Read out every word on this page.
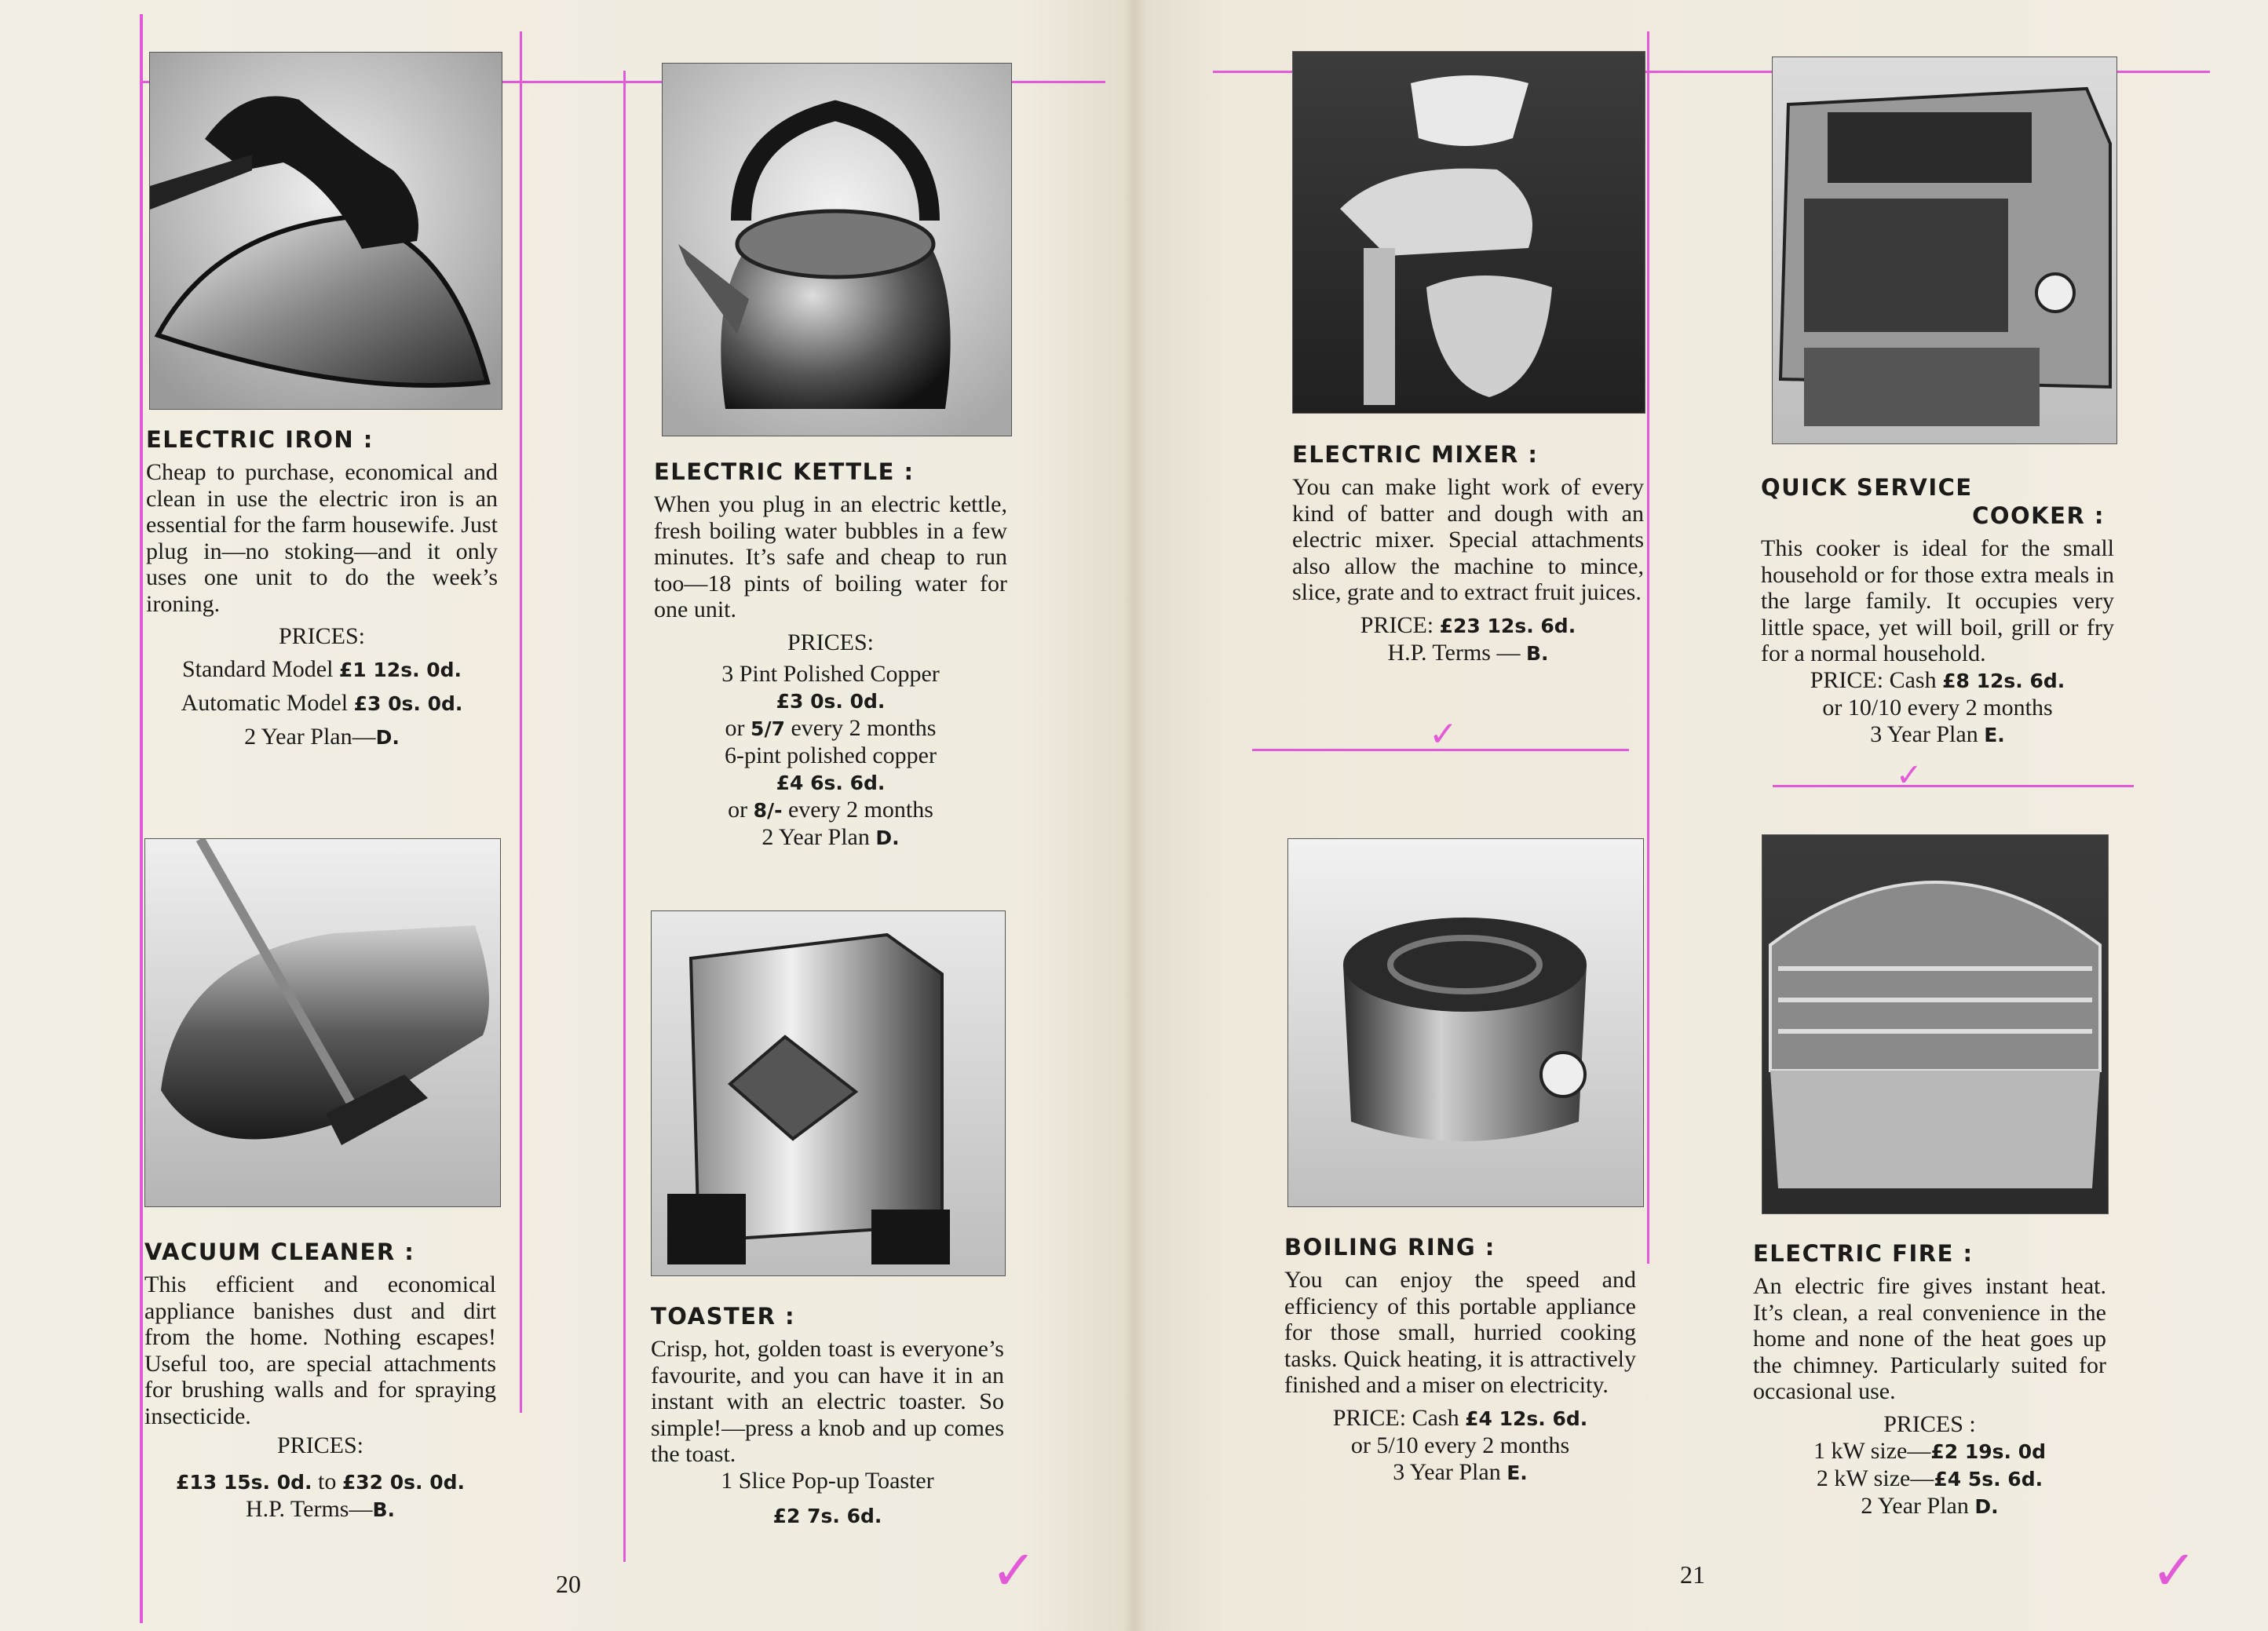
✓
✓
✓	✓
ELECTRIC IRON :

Cheap to purchase, economical and clean in use the electric iron is an essential for the farm housewife. Just plug in—no stoking—and it only uses one unit to do the week’s ironing.

PRICES:

Standard Model £1 12s. 0d.

Automatic Model £3 0s. 0d.

2 Year Plan—D.

ELECTRIC KETTLE :

When you plug in an electric kettle, fresh boiling water bubbles in a few minutes. It’s safe and cheap to run too—18 pints of boiling water for one unit.

PRICES:

3 Pint Polished Copper

£3 0s. 0d.

or 5/7 every 2 months

6-pint polished copper

£4 6s. 6d.

or 8/- every 2 months

2 Year Plan D.

VACUUM CLEANER :

This efficient and economical appliance banishes dust and dirt from the home. Nothing escapes! Useful too, are special attachments for brushing walls and for spraying insecticide.

PRICES:

£13 15s. 0d. to £32 0s. 0d.

H.P. Terms—B.

TOASTER :

Crisp, hot, golden toast is everyone’s favourite, and you can have it in an instant with an electric toaster. So simple!—press a knob and up comes the toast.

1 Slice Pop-up Toaster

£2 7s. 6d.

20
ELECTRIC MIXER :

You can make light work of every kind of batter and dough with an electric mixer. Special attachments also allow the machine to mince, slice, grate and to extract fruit juices.

PRICE: £23 12s. 6d.

H.P. Terms — B.

QUICK SERVICE
COOKER :

This cooker is ideal for the small household or for those extra meals in the large family. It occupies very little space, yet will boil, grill or fry for a normal household.

PRICE: Cash £8 12s. 6d.

or 10/10 every 2 months

3 Year Plan E.

BOILING RING :

You can enjoy the speed and efficiency of this portable appliance for those small, hurried cooking tasks. Quick heating, it is attractively finished and a miser on electricity.

PRICE: Cash £4 12s. 6d.

or 5/10 every 2 months

3 Year Plan E.

ELECTRIC FIRE :

An electric fire gives instant heat. It’s clean, a real convenience in the home and none of the heat goes up the chimney. Particularly suited for occasional use.

PRICES :

1 kW size—£2 19s. 0d

2 kW size—£4 5s. 6d.

2 Year Plan D.

21
